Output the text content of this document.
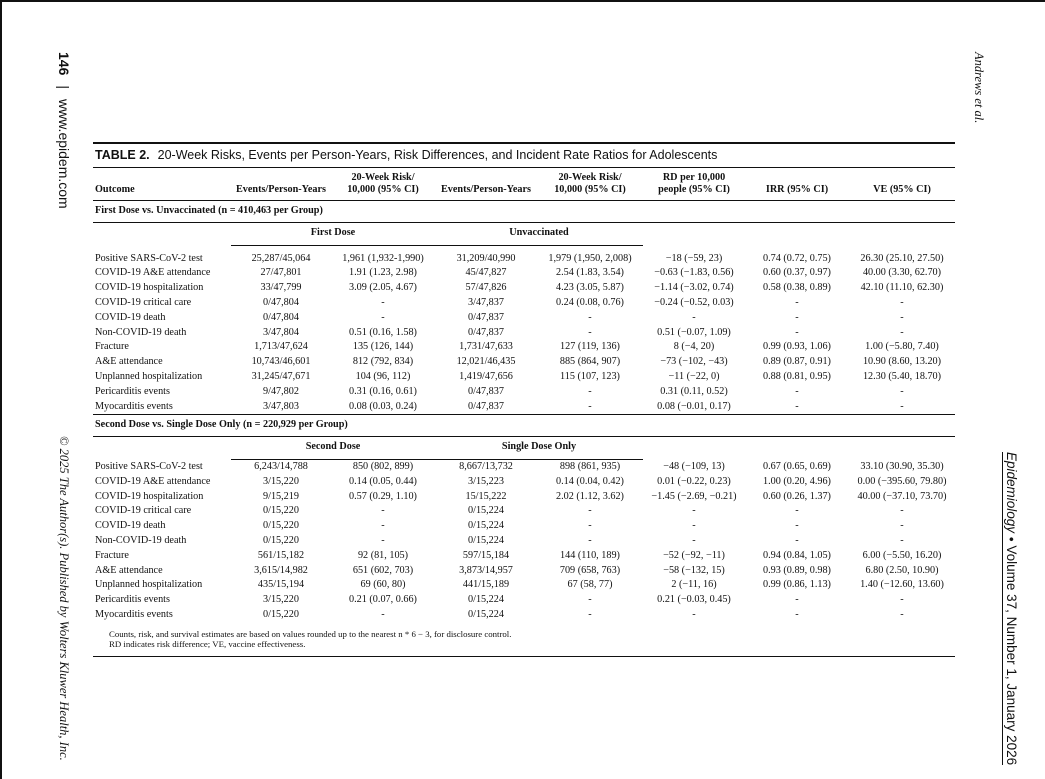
146|www.epidem.com
© 2025 The Author(s). Published by Wolters Kluwer Health, Inc.
Andrews et al.
Epidemiology • Volume 37, Number 1, January 2026
TABLE 2. 20-Week Risks, Events per Person-Years, Risk Differences, and Incident Rate Ratios for Adolescents
Outcome	Events/Person-Years	20-Week Risk/
10,000 (95% CI)	Events/Person-Years	20-Week Risk/
10,000 (95% CI)	RD per 10,000
people (95% CI)	IRR (95% CI)	VE (95% CI)
First Dose vs. Unvaccinated (n = 410,463 per Group)							
	First Dose		Unvaccinated				

Positive SARS-CoV-2 test	25,287/45,064	1,961 (1,932-1,990)	31,209/40,990	1,979 (1,950, 2,008)	−18 (−59, 23)	0.74 (0.72, 0.75)	26.30 (25.10, 27.50)
COVID-19 A&E attendance	27/47,801	1.91 (1.23, 2.98)	45/47,827	2.54 (1.83, 3.54)	−0.63 (−1.83, 0.56)	0.60 (0.37, 0.97)	40.00 (3.30, 62.70)
COVID-19 hospitalization	33/47,799	3.09 (2.05, 4.67)	57/47,826	4.23 (3.05, 5.87)	−1.14 (−3.02, 0.74)	0.58 (0.38, 0.89)	42.10 (11.10, 62.30)
COVID-19 critical care	0/47,804	-	3/47,837	0.24 (0.08, 0.76)	−0.24 (−0.52, 0.03)	-	-
COVID-19 death	0/47,804	-	0/47,837	-	-	-	-
Non-COVID-19 death	3/47,804	0.51 (0.16, 1.58)	0/47,837	-	0.51 (−0.07, 1.09)	-	-
Fracture	1,713/47,624	135 (126, 144)	1,731/47,633	127 (119, 136)	8 (−4, 20)	0.99 (0.93, 1.06)	1.00 (−5.80, 7.40)
A&E attendance	10,743/46,601	812 (792, 834)	12,021/46,435	885 (864, 907)	−73 (−102, −43)	0.89 (0.87, 0.91)	10.90 (8.60, 13.20)
Unplanned hospitalization	31,245/47,671	104 (96, 112)	1,419/47,656	115 (107, 123)	−11 (−22, 0)	0.88 (0.81, 0.95)	12.30 (5.40, 18.70)
Pericarditis events	9/47,802	0.31 (0.16, 0.61)	0/47,837	-	0.31 (0.11, 0.52)	-	-
Myocarditis events	3/47,803	0.08 (0.03, 0.24)	0/47,837	-	0.08 (−0.01, 0.17)	-	-
Second Dose vs. Single Dose Only (n = 220,929 per Group)							
	Second Dose		Single Dose Only				
Positive SARS-CoV-2 test	6,243/14,788	850 (802, 899)	8,667/13,732	898 (861, 935)	−48 (−109, 13)	0.67 (0.65, 0.69)	33.10 (30.90, 35.30)
COVID-19 A&E attendance	3/15,220	0.14 (0.05, 0.44)	3/15,223	0.14 (0.04, 0.42)	0.01 (−0.22, 0.23)	1.00 (0.20, 4.96)	0.00 (−395.60, 79.80)
COVID-19 hospitalization	9/15,219	0.57 (0.29, 1.10)	15/15,222	2.02 (1.12, 3.62)	−1.45 (−2.69, −0.21)	0.60 (0.26, 1.37)	40.00 (−37.10, 73.70)
COVID-19 critical care	0/15,220	-	0/15,224	-	-	-	-
COVID-19 death	0/15,220	-	0/15,224	-	-	-	-
Non-COVID-19 death	0/15,220	-	0/15,224	-	-	-	-
Fracture	561/15,182	92 (81, 105)	597/15,184	144 (110, 189)	−52 (−92, −11)	0.94 (0.84, 1.05)	6.00 (−5.50, 16.20)
A&E attendance	3,615/14,982	651 (602, 703)	3,873/14,957	709 (658, 763)	−58 (−132, 15)	0.93 (0.89, 0.98)	6.80 (2.50, 10.90)
Unplanned hospitalization	435/15,194	69 (60, 80)	441/15,189	67 (58, 77)	2 (−11, 16)	0.99 (0.86, 1.13)	1.40 (−12.60, 13.60)
Pericarditis events	3/15,220	0.21 (0.07, 0.66)	0/15,224	-	0.21 (−0.03, 0.45)	-	-
Myocarditis events	0/15,220	-	0/15,224	-	-	-	-
Counts, risk, and survival estimates are based on values rounded up to the nearest n * 6 − 3, for disclosure control.
RD indicates risk difference; VE, vaccine effectiveness.
